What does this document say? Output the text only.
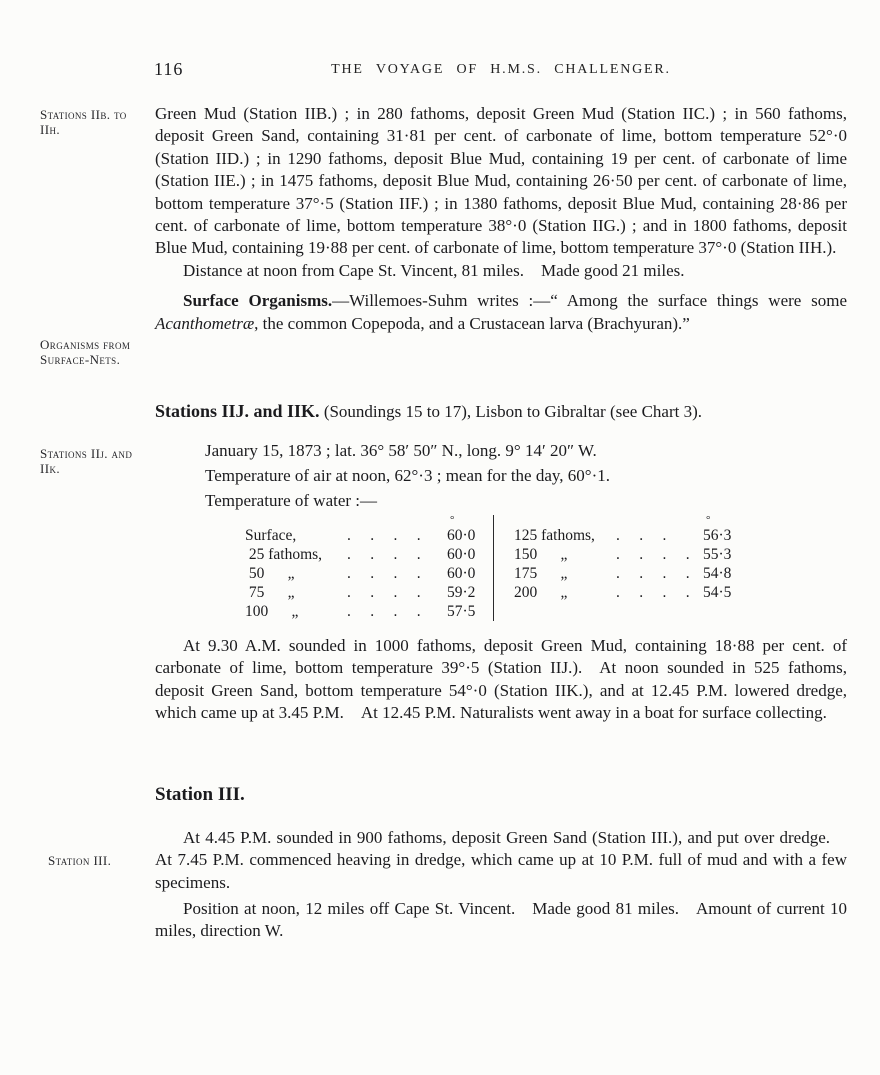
116	THE VOYAGE OF H.M.S. CHALLENGER.
Stations IIb. to
IIh.
Organisms from
Surface-Nets.
Stations IIj. and
IIk.
Station III.

Green Mud (Station IIB.) ; in 280 fathoms, deposit Green Mud (Station IIC.) ; in 560 fathoms, deposit Green Sand, containing 31·81 per cent. of carbonate of lime, bottom temperature 52°·0 (Station IID.) ; in 1290 fathoms, deposit Blue Mud, containing 19 per cent. of carbonate of lime (Station IIE.) ; in 1475 fathoms, deposit Blue Mud, containing 26·50 per cent. of carbonate of lime, bottom temperature 37°·5 (Station IIF.) ; in 1380 fathoms, deposit Blue Mud, containing 28·86 per cent. of carbonate of lime, bottom temperature 38°·0 (Station IIG.) ; and in 1800 fathoms, deposit Blue Mud, containing 19·88 per cent. of carbonate of lime, bottom temperature 37°·0 (Station IIH.).

Distance at noon from Cape St. Vincent, 81 miles. Made good 21 miles.

Surface Organisms.—Willemoes-Suhm writes :—“ Among the surface things were some Acanthometræ, the common Copepoda, and a Crustacean larva (Brachyuran).”

Stations IIJ. and IIK. (Soundings 15 to 17), Lisbon to Gibraltar (see Chart 3).
January 15, 1873 ; lat. 36° 58′ 50″ N., long. 9° 14′ 20″ W.
Temperature of air at noon, 62°·3 ; mean for the day, 60°·1.
Temperature of water :—
°
Surface,	.     .     .     .	60·0
25 fathoms,	.     .     .     .	60·0
50      „	.     .     .     .	60·0
75      „	.     .     .     .	59·2
100      „	.     .     .     .	57·5
°
125 fathoms,	.     .     .	56·3
150      „	.     .     .     . 55·3
175      „	.     .     .     . 54·8
200      „	.     .     .     . 54·5

At 9.30 A.M. sounded in 1000 fathoms, deposit Green Mud, containing 18·88 per cent. of carbonate of lime, bottom temperature 39°·5 (Station IIJ.). At noon sounded in 525 fathoms, deposit Green Sand, bottom temperature 54°·0 (Station IIK.), and at 12.45 P.M. lowered dredge, which came up at 3.45 P.M. At 12.45 P.M. Naturalists went away in a boat for surface collecting.

Station III.

At 4.45 P.M. sounded in 900 fathoms, deposit Green Sand (Station III.), and put over dredge. At 7.45 P.M. commenced heaving in dredge, which came up at 10 P.M. full of mud and with a few specimens.

Position at noon, 12 miles off Cape St. Vincent. Made good 81 miles. Amount of current 10 miles, direction W.
